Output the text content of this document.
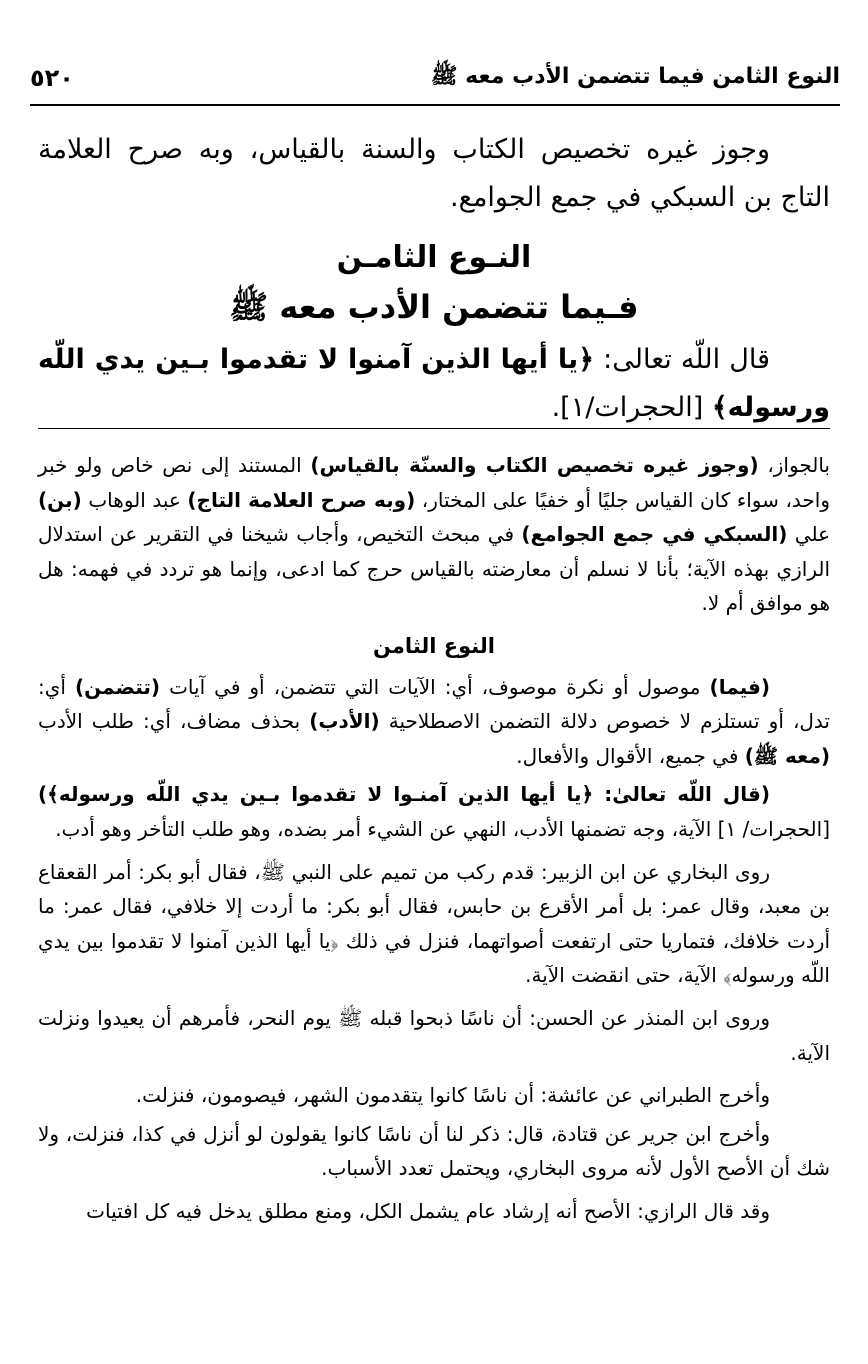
النوع الثامن فيما تتضمن الأدب معه ﷺ
٥٢٠

وجوز غيره تخصيص الكتاب والسنة بالقياس، وبه صرح العلامة التاج بن السبكي في جمع الجوامع.

النـوع الثامـن

فـيما تتضمن الأدب معه ﷺ

قال اللّه تعالى: ﴿يا أيها الذين آمنوا لا تقدموا بـين يدي اللّه ورسوله﴾ [الحجرات/١].

بالجواز، (وجوز غيره تخصيص الكتاب والسنّة بالقياس) المستند إلى نص خاص ولو خبر واحد، سواء كان القياس جليًا أو خفيًا على المختار، (وبه صرح العلامة التاج) عبد الوهاب (بن) علي (السبكي في جمع الجوامع) في مبحث التخيص، وأجاب شيخنا في التقرير عن استدلال الرازي بهذه الآية؛ بأنا لا نسلم أن معارضته بالقياس حرج كما ادعى، وإنما هو تردد في فهمه: هل هو موافق أم لا.

النوع الثامن

(فيما) موصول أو نكرة موصوف، أي: الآيات التي تتضمن، أو في آيات (تتضمن) أي: تدل، أو تستلزم لا خصوص دلالة التضمن الاصطلاحية (الأدب) بحذف مضاف، أي: طلب الأدب (معه ﷺ) في جميع، الأقوال والأفعال.

(قال اللّه تعالىٰ: ﴿يا أيها الذين آمنـوا لا تقدموا بـين يدي اللّه ورسوله﴾) [الحجرات/ ١] الآية، وجه تضمنها الأدب، النهي عن الشيء أمر بضده، وهو طلب التأخر وهو أدب.

روى البخاري عن ابن الزبير: قدم ركب من تميم على النبي ﷺ، فقال أبو بكر: أمر القعقاع بن معبد، وقال عمر: بل أمر الأقرع بن حابس، فقال أبو بكر: ما أردت إلا خلافي، فقال عمر: ما أردت خلافك، فتماريا حتى ارتفعت أصواتهما، فنزل في ذلك ﴿يا أيها الذين آمنوا لا تقدموا بين يدي اللّه ورسوله﴾ الآية، حتى انقضت الآية.

وروى ابن المنذر عن الحسن: أن ناسًا ذبحوا قبله ﷺ يوم النحر، فأمرهم أن يعيدوا ونزلت الآية.

وأخرج الطبراني عن عائشة: أن ناسًا كانوا يتقدمون الشهر، فيصومون، فنزلت.

وأخرج ابن جرير عن قتادة، قال: ذكر لنا أن ناسًا كانوا يقولون لو أنزل في كذا، فنزلت، ولا شك أن الأصح الأول لأنه مروى البخاري، ويحتمل تعدد الأسباب.

وقد قال الرازي: الأصح أنه إرشاد عام يشمل الكل، ومنع مطلق يدخل فيه كل افتيات
